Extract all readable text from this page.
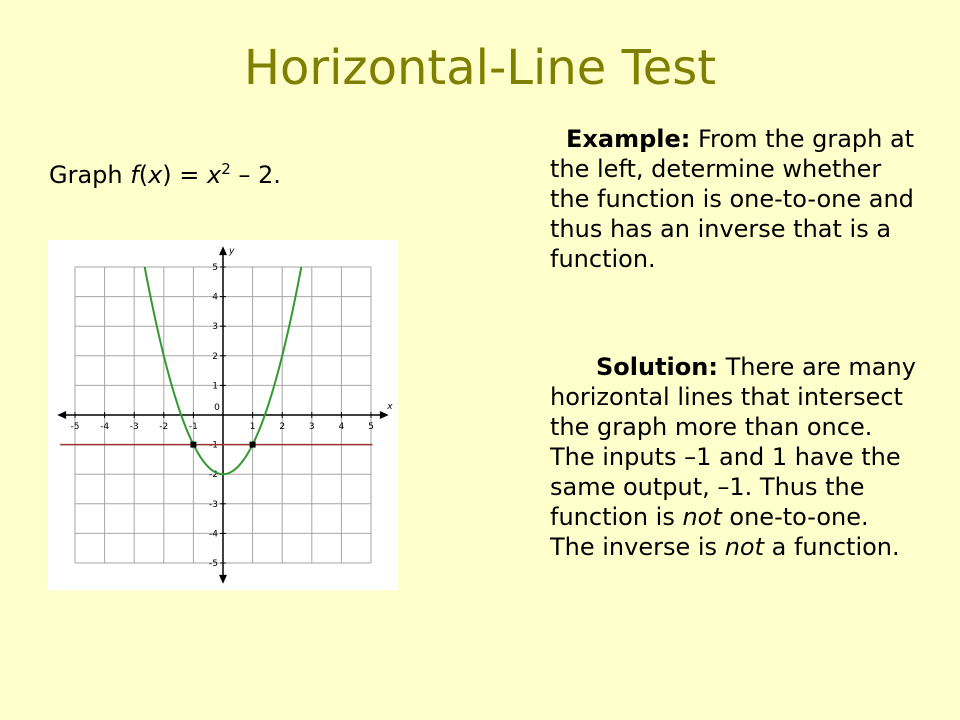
Horizontal-Line Test
Graph $f(x) = x^2 - 2$.
x
y
-5 -4 -3 -2 -1
0
1	2	3	4	5
-5
-4
-3
-2
-1
1
2
3
4
5
Example: From the graph at the left, determine whether the function is one-to-one and thus has an inverse that is a function.
Solution: There are many horizontal lines that intersect the graph more than once. The inputs –1 and 1 have the same output, –1. Thus the function is not one-to-one. The inverse is not a function.
